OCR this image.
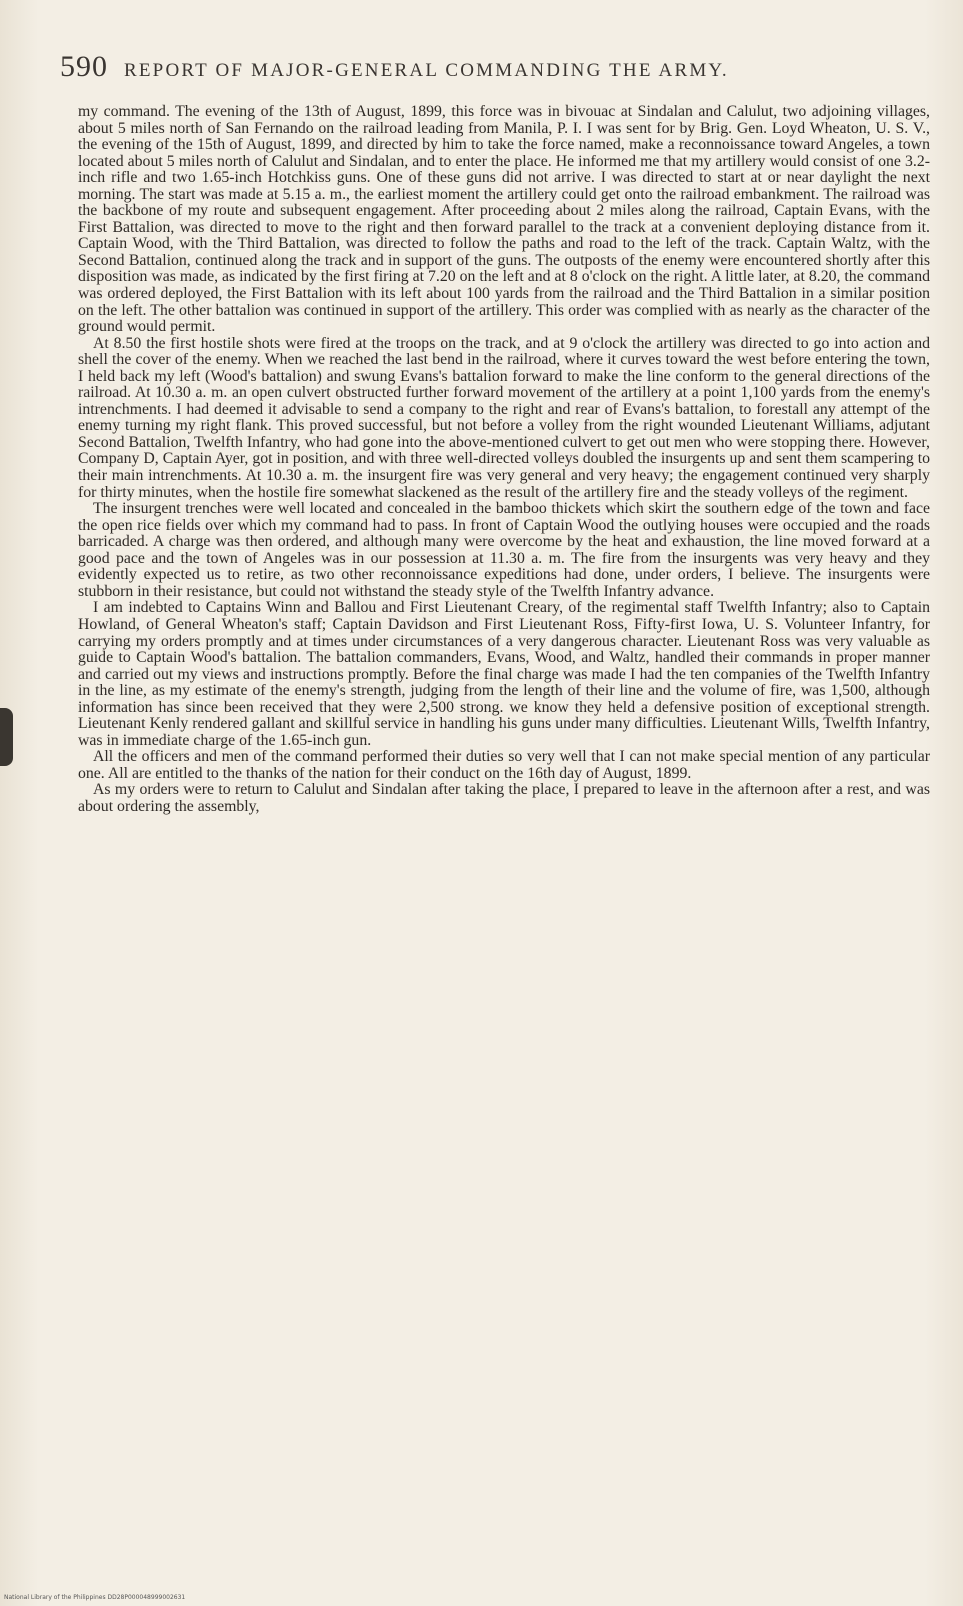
590 REPORT OF MAJOR-GENERAL COMMANDING THE ARMY.

my command. The evening of the 13th of August, 1899, this force was in bivouac at Sindalan and Calulut, two adjoining villages, about 5 miles north of San Fernando on the railroad leading from Manila, P. I. I was sent for by Brig. Gen. Loyd Wheaton, U. S. V., the evening of the 15th of August, 1899, and directed by him to take the force named, make a reconnoissance toward Angeles, a town located about 5 miles north of Calulut and Sindalan, and to enter the place. He informed me that my artillery would consist of one 3.2-inch rifle and two 1.65-inch Hotchkiss guns. One of these guns did not arrive. I was directed to start at or near daylight the next morning. The start was made at 5.15 a. m., the earliest moment the artillery could get onto the railroad embankment. The railroad was the backbone of my route and subsequent engagement. After proceeding about 2 miles along the railroad, Captain Evans, with the First Battalion, was directed to move to the right and then forward parallel to the track at a convenient deploying distance from it. Captain Wood, with the Third Battalion, was directed to follow the paths and road to the left of the track. Captain Waltz, with the Second Battalion, continued along the track and in support of the guns. The outposts of the enemy were encountered shortly after this disposition was made, as indicated by the first firing at 7.20 on the left and at 8 o'clock on the right. A little later, at 8.20, the command was ordered deployed, the First Battalion with its left about 100 yards from the railroad and the Third Battalion in a similar position on the left. The other battalion was continued in support of the artillery. This order was complied with as nearly as the character of the ground would permit.

At 8.50 the first hostile shots were fired at the troops on the track, and at 9 o'clock the artillery was directed to go into action and shell the cover of the enemy. When we reached the last bend in the railroad, where it curves toward the west before entering the town, I held back my left (Wood's battalion) and swung Evans's battalion forward to make the line conform to the general directions of the railroad. At 10.30 a. m. an open culvert obstructed further forward movement of the artillery at a point 1,100 yards from the enemy's intrenchments. I had deemed it advisable to send a company to the right and rear of Evans's battalion, to forestall any attempt of the enemy turning my right flank. This proved successful, but not before a volley from the right wounded Lieutenant Williams, adjutant Second Battalion, Twelfth Infantry, who had gone into the above-mentioned culvert to get out men who were stopping there. However, Company D, Captain Ayer, got in position, and with three well-directed volleys doubled the insurgents up and sent them scampering to their main intrenchments. At 10.30 a. m. the insurgent fire was very general and very heavy; the engagement continued very sharply for thirty minutes, when the hostile fire somewhat slackened as the result of the artillery fire and the steady volleys of the regiment.

The insurgent trenches were well located and concealed in the bamboo thickets which skirt the southern edge of the town and face the open rice fields over which my command had to pass. In front of Captain Wood the outlying houses were occupied and the roads barricaded. A charge was then ordered, and although many were overcome by the heat and exhaustion, the line moved forward at a good pace and the town of Angeles was in our possession at 11.30 a. m. The fire from the insurgents was very heavy and they evidently expected us to retire, as two other reconnoissance expeditions had done, under orders, I believe. The insurgents were stubborn in their resistance, but could not withstand the steady style of the Twelfth Infantry advance.

I am indebted to Captains Winn and Ballou and First Lieutenant Creary, of the regimental staff Twelfth Infantry; also to Captain Howland, of General Wheaton's staff; Captain Davidson and First Lieutenant Ross, Fifty-first Iowa, U. S. Volunteer Infantry, for carrying my orders promptly and at times under circumstances of a very dangerous character. Lieutenant Ross was very valuable as guide to Captain Wood's battalion. The battalion commanders, Evans, Wood, and Waltz, handled their commands in proper manner and carried out my views and instructions promptly. Before the final charge was made I had the ten companies of the Twelfth Infantry in the line, as my estimate of the enemy's strength, judging from the length of their line and the volume of fire, was 1,500, although information has since been received that they were 2,500 strong. we know they held a defensive position of exceptional strength. Lieutenant Kenly rendered gallant and skillful service in handling his guns under many difficulties. Lieutenant Wills, Twelfth Infantry, was in immediate charge of the 1.65-inch gun.

All the officers and men of the command performed their duties so very well that I can not make special mention of any particular one. All are entitled to the thanks of the nation for their conduct on the 16th day of August, 1899.

As my orders were to return to Calulut and Sindalan after taking the place, I prepared to leave in the afternoon after a rest, and was about ordering the assembly,

National Library of the Philippines DD28P000048999002631
